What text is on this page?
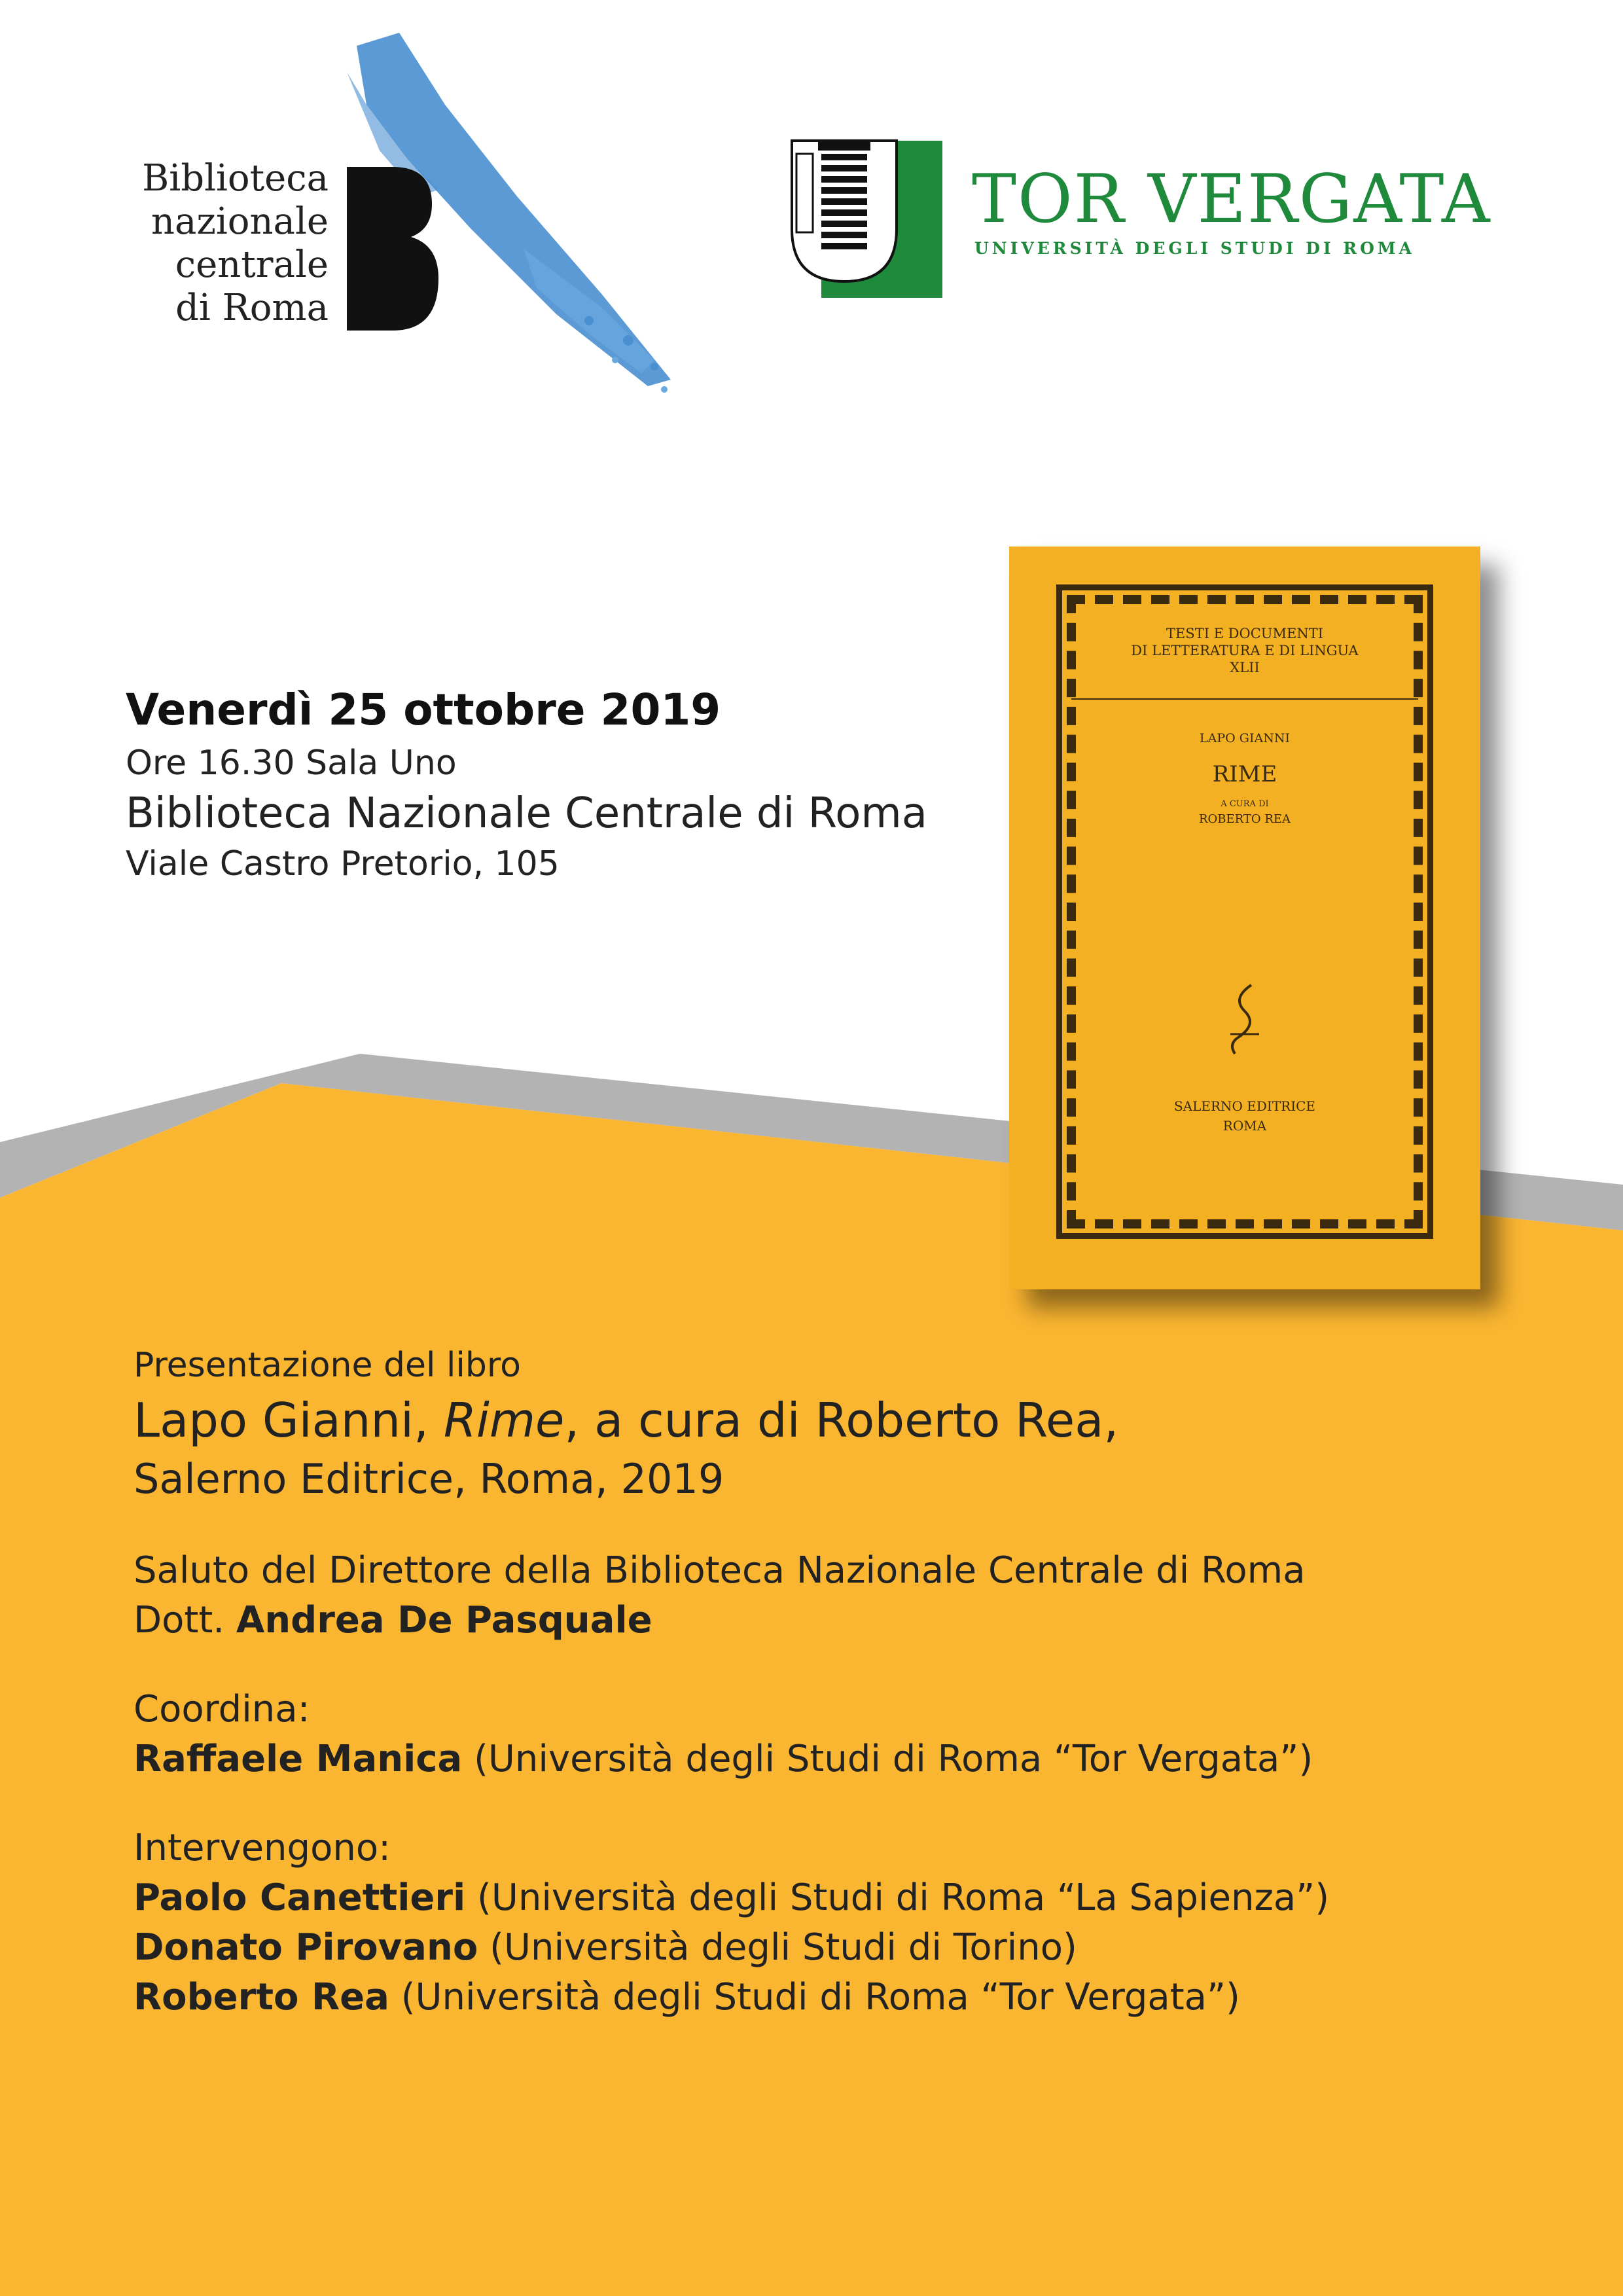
Biblioteca
nazionale
centrale
di Roma
TOR VERGATA
UNIVERSITÀ DEGLI STUDI DI ROMA
Venerdì 25 ottobre 2019
Ore 16.30 Sala Uno
Biblioteca Nazionale Centrale di Roma
Viale Castro Pretorio, 105
TESTI E DOCUMENTI
DI LETTERATURA E DI LINGUA
XLII
LAPO GIANNI
RIME
A CURA DI
ROBERTO REA
SALERNO EDITRICE
ROMA
Presentazione del libro
Lapo Gianni, Rime, a cura di Roberto Rea,
Salerno Editrice, Roma, 2019
Saluto del Direttore della Biblioteca Nazionale Centrale di Roma
Dott. Andrea De Pasquale
Coordina:
Raffaele Manica (Università degli Studi di Roma “Tor Vergata”)
Intervengono:
Paolo Canettieri (Università degli Studi di Roma “La Sapienza”)
Donato Pirovano (Università degli Studi di Torino)
Roberto Rea (Università degli Studi di Roma “Tor Vergata”)
